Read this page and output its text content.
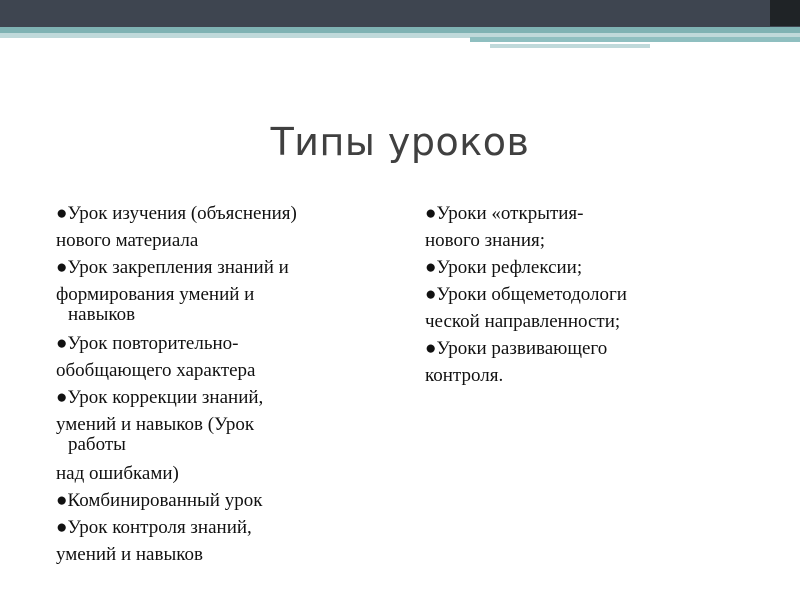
Типы уроков
●Урок изучения (объяснения)
нового материала
●Урок закрепления знаний и
формирования умений и
навыков
●Урок повторительно-
обобщающего характера
●Урок коррекции знаний,
умений и навыков (Урок
работы
над ошибками)
●Комбинированный урок
●Урок контроля знаний,
умений и навыков
●Уроки «открытия-
нового знания;
●Уроки рефлексии;
●Уроки общеметодологи
ческой направленности;
●Уроки развивающего
контроля.
